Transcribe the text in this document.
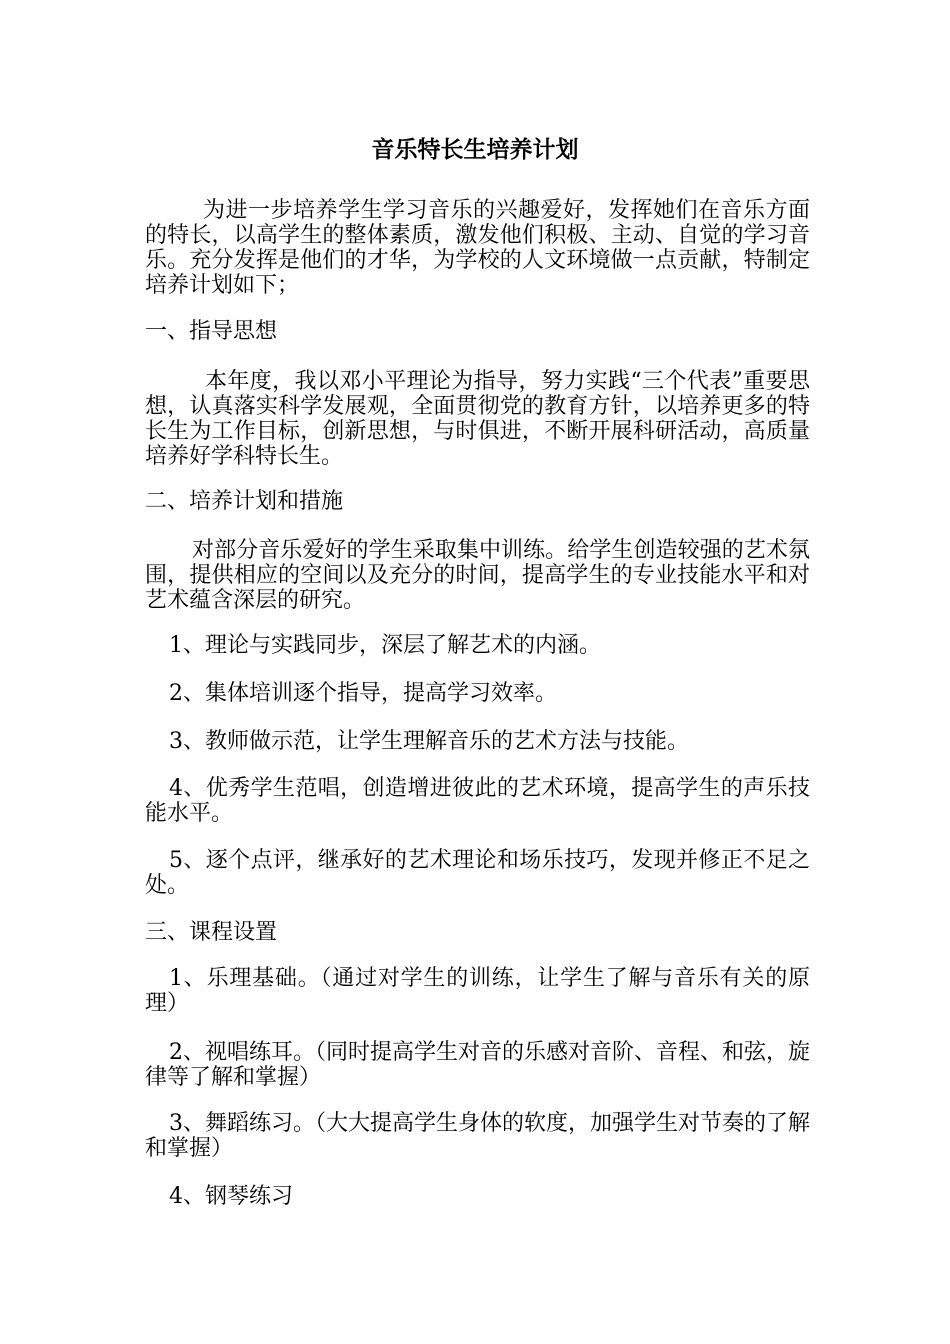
音乐特长生培养计划

为进一步培养学生学习音乐的兴趣爱好，发挥她们在音乐方面的特长，以高学生的整体素质，激发他们积极、主动、自觉的学习音乐。充分发挥是他们的才华，为学校的人文环境做一点贡献，特制定培养计划如下；

一、指导思想

本年度，我以邓小平理论为指导，努力实践“三个代表”重要思想，认真落实科学发展观，全面贯彻党的教育方针，以培养更多的特长生为工作目标，创新思想，与时俱进，不断开展科研活动，高质量培养好学科特长生。

二、培养计划和措施

对部分音乐爱好的学生采取集中训练。给学生创造较强的艺术氛围，提供相应的空间以及充分的时间，提高学生的专业技能水平和对艺术蕴含深层的研究。

1、理论与实践同步，深层了解艺术的内涵。

2、集体培训逐个指导，提高学习效率。

3、教师做示范，让学生理解音乐的艺术方法与技能。

4、优秀学生范唱，创造增进彼此的艺术环境，提高学生的声乐技能水平。

5、逐个点评，继承好的艺术理论和场乐技巧，发现并修正不足之处。

三、课程设置

1、乐理基础。（通过对学生的训练，让学生了解与音乐有关的原理）

2、视唱练耳。（同时提高学生对音的乐感对音阶、音程、和弦，旋律等了解和掌握）

3、舞蹈练习。（大大提高学生身体的软度，加强学生对节奏的了解和掌握）

4、钢琴练习
